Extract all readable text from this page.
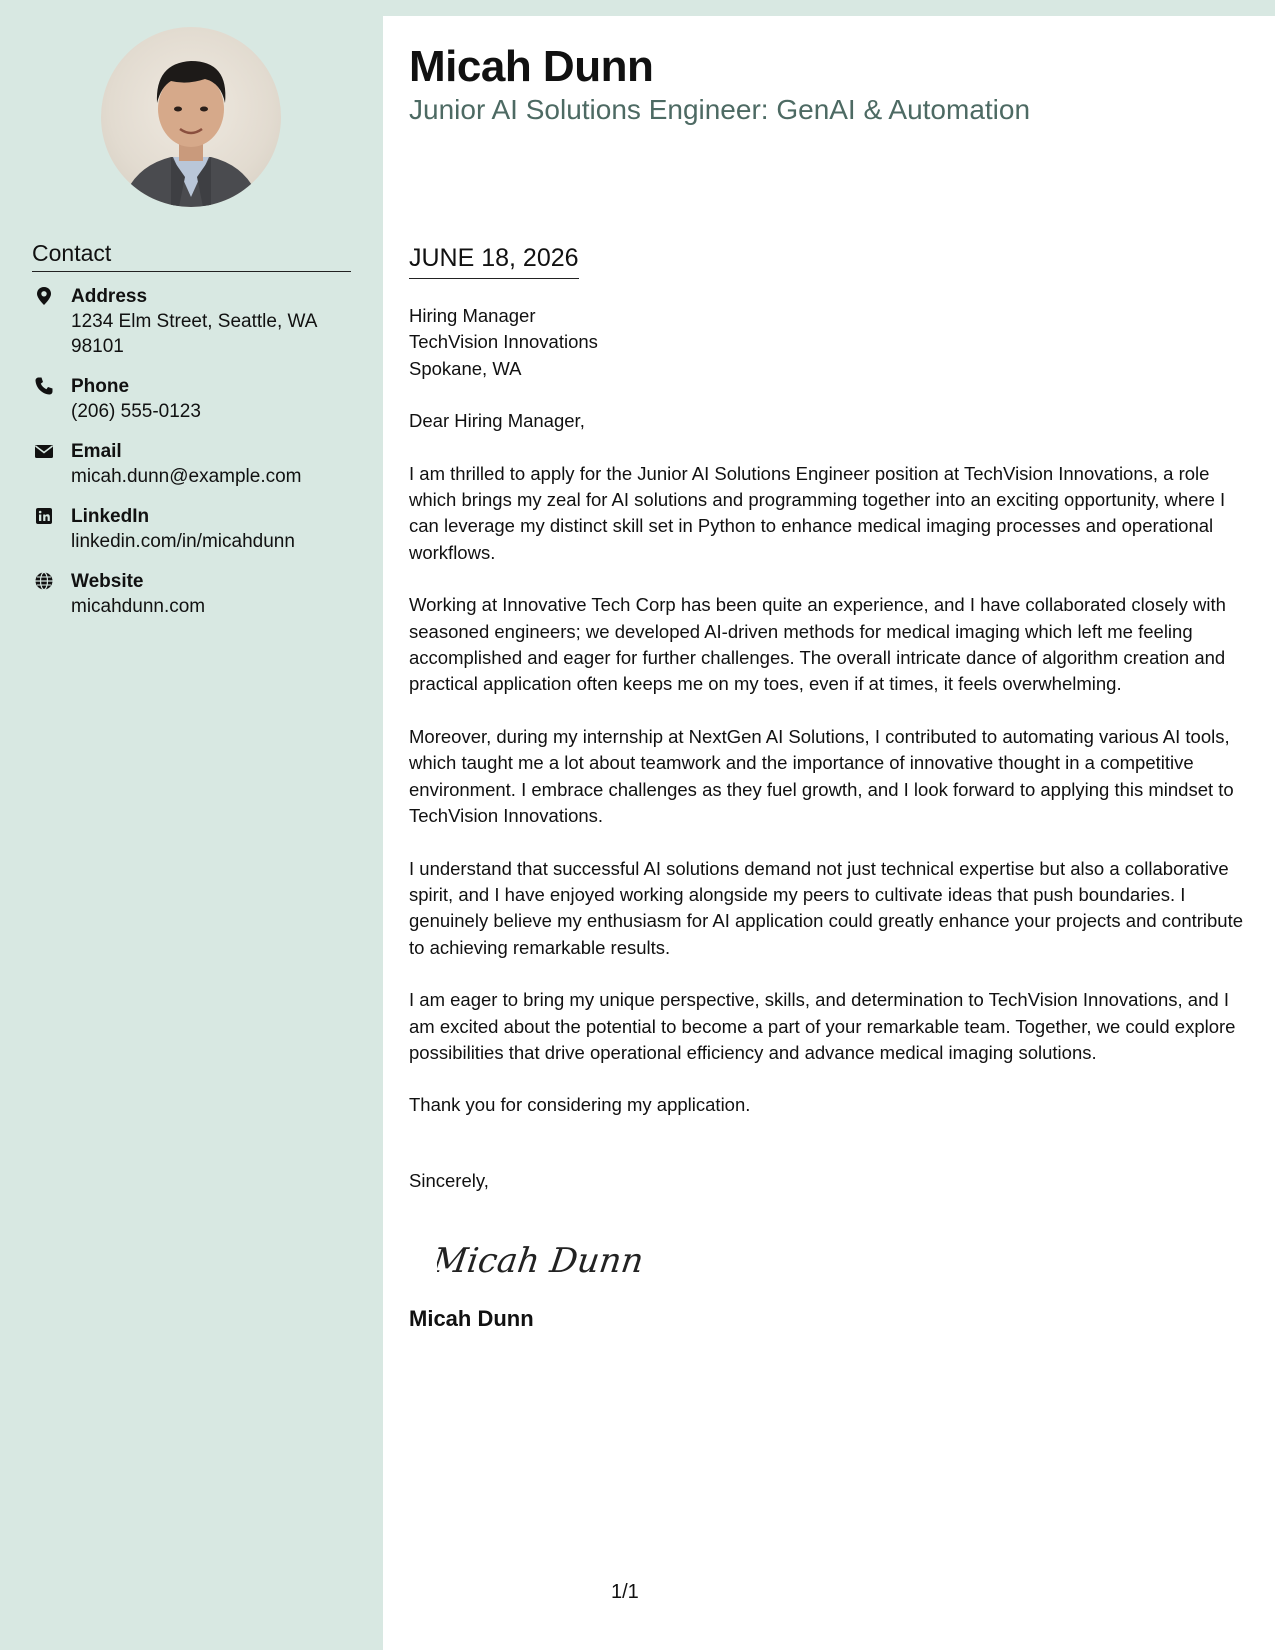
Contact
Address
1234 Elm Street, Seattle, WA 98101
Phone
(206) 555-0123
Email
micah.dunn@example.com
LinkedIn
linkedin.com/in/micahdunn
Website
micahdunn.com
Micah Dunn
Junior AI Solutions Engineer: GenAI & Automation
JUNE 18, 2026

Hiring Manager
TechVision Innovations
Spokane, WA

Dear Hiring Manager,

I am thrilled to apply for the Junior AI Solutions Engineer position at TechVision Innovations, a role which brings my zeal for AI solutions and programming together into an exciting opportunity, where I can leverage my distinct skill set in Python to enhance medical imaging processes and operational workflows.

Working at Innovative Tech Corp has been quite an experience, and I have collaborated closely with seasoned engineers; we developed AI-driven methods for medical imaging which left me feeling accomplished and eager for further challenges. The overall intricate dance of algorithm creation and practical application often keeps me on my toes, even if at times, it feels overwhelming.

Moreover, during my internship at NextGen AI Solutions, I contributed to automating various AI tools, which taught me a lot about teamwork and the importance of innovative thought in a competitive environment. I embrace challenges as they fuel growth, and I look forward to applying this mindset to TechVision Innovations.

I understand that successful AI solutions demand not just technical expertise but also a collaborative spirit, and I have enjoyed working alongside my peers to cultivate ideas that push boundaries. I genuinely believe my enthusiasm for AI application could greatly enhance your projects and contribute to achieving remarkable results.

I am eager to bring my unique perspective, skills, and determination to TechVision Innovations, and I am excited about the potential to become a part of your remarkable team. Together, we could explore possibilities that drive operational efficiency and advance medical imaging solutions.

Thank you for considering my application.

Sincerely,
Micah Dunn
Micah Dunn
1/1
